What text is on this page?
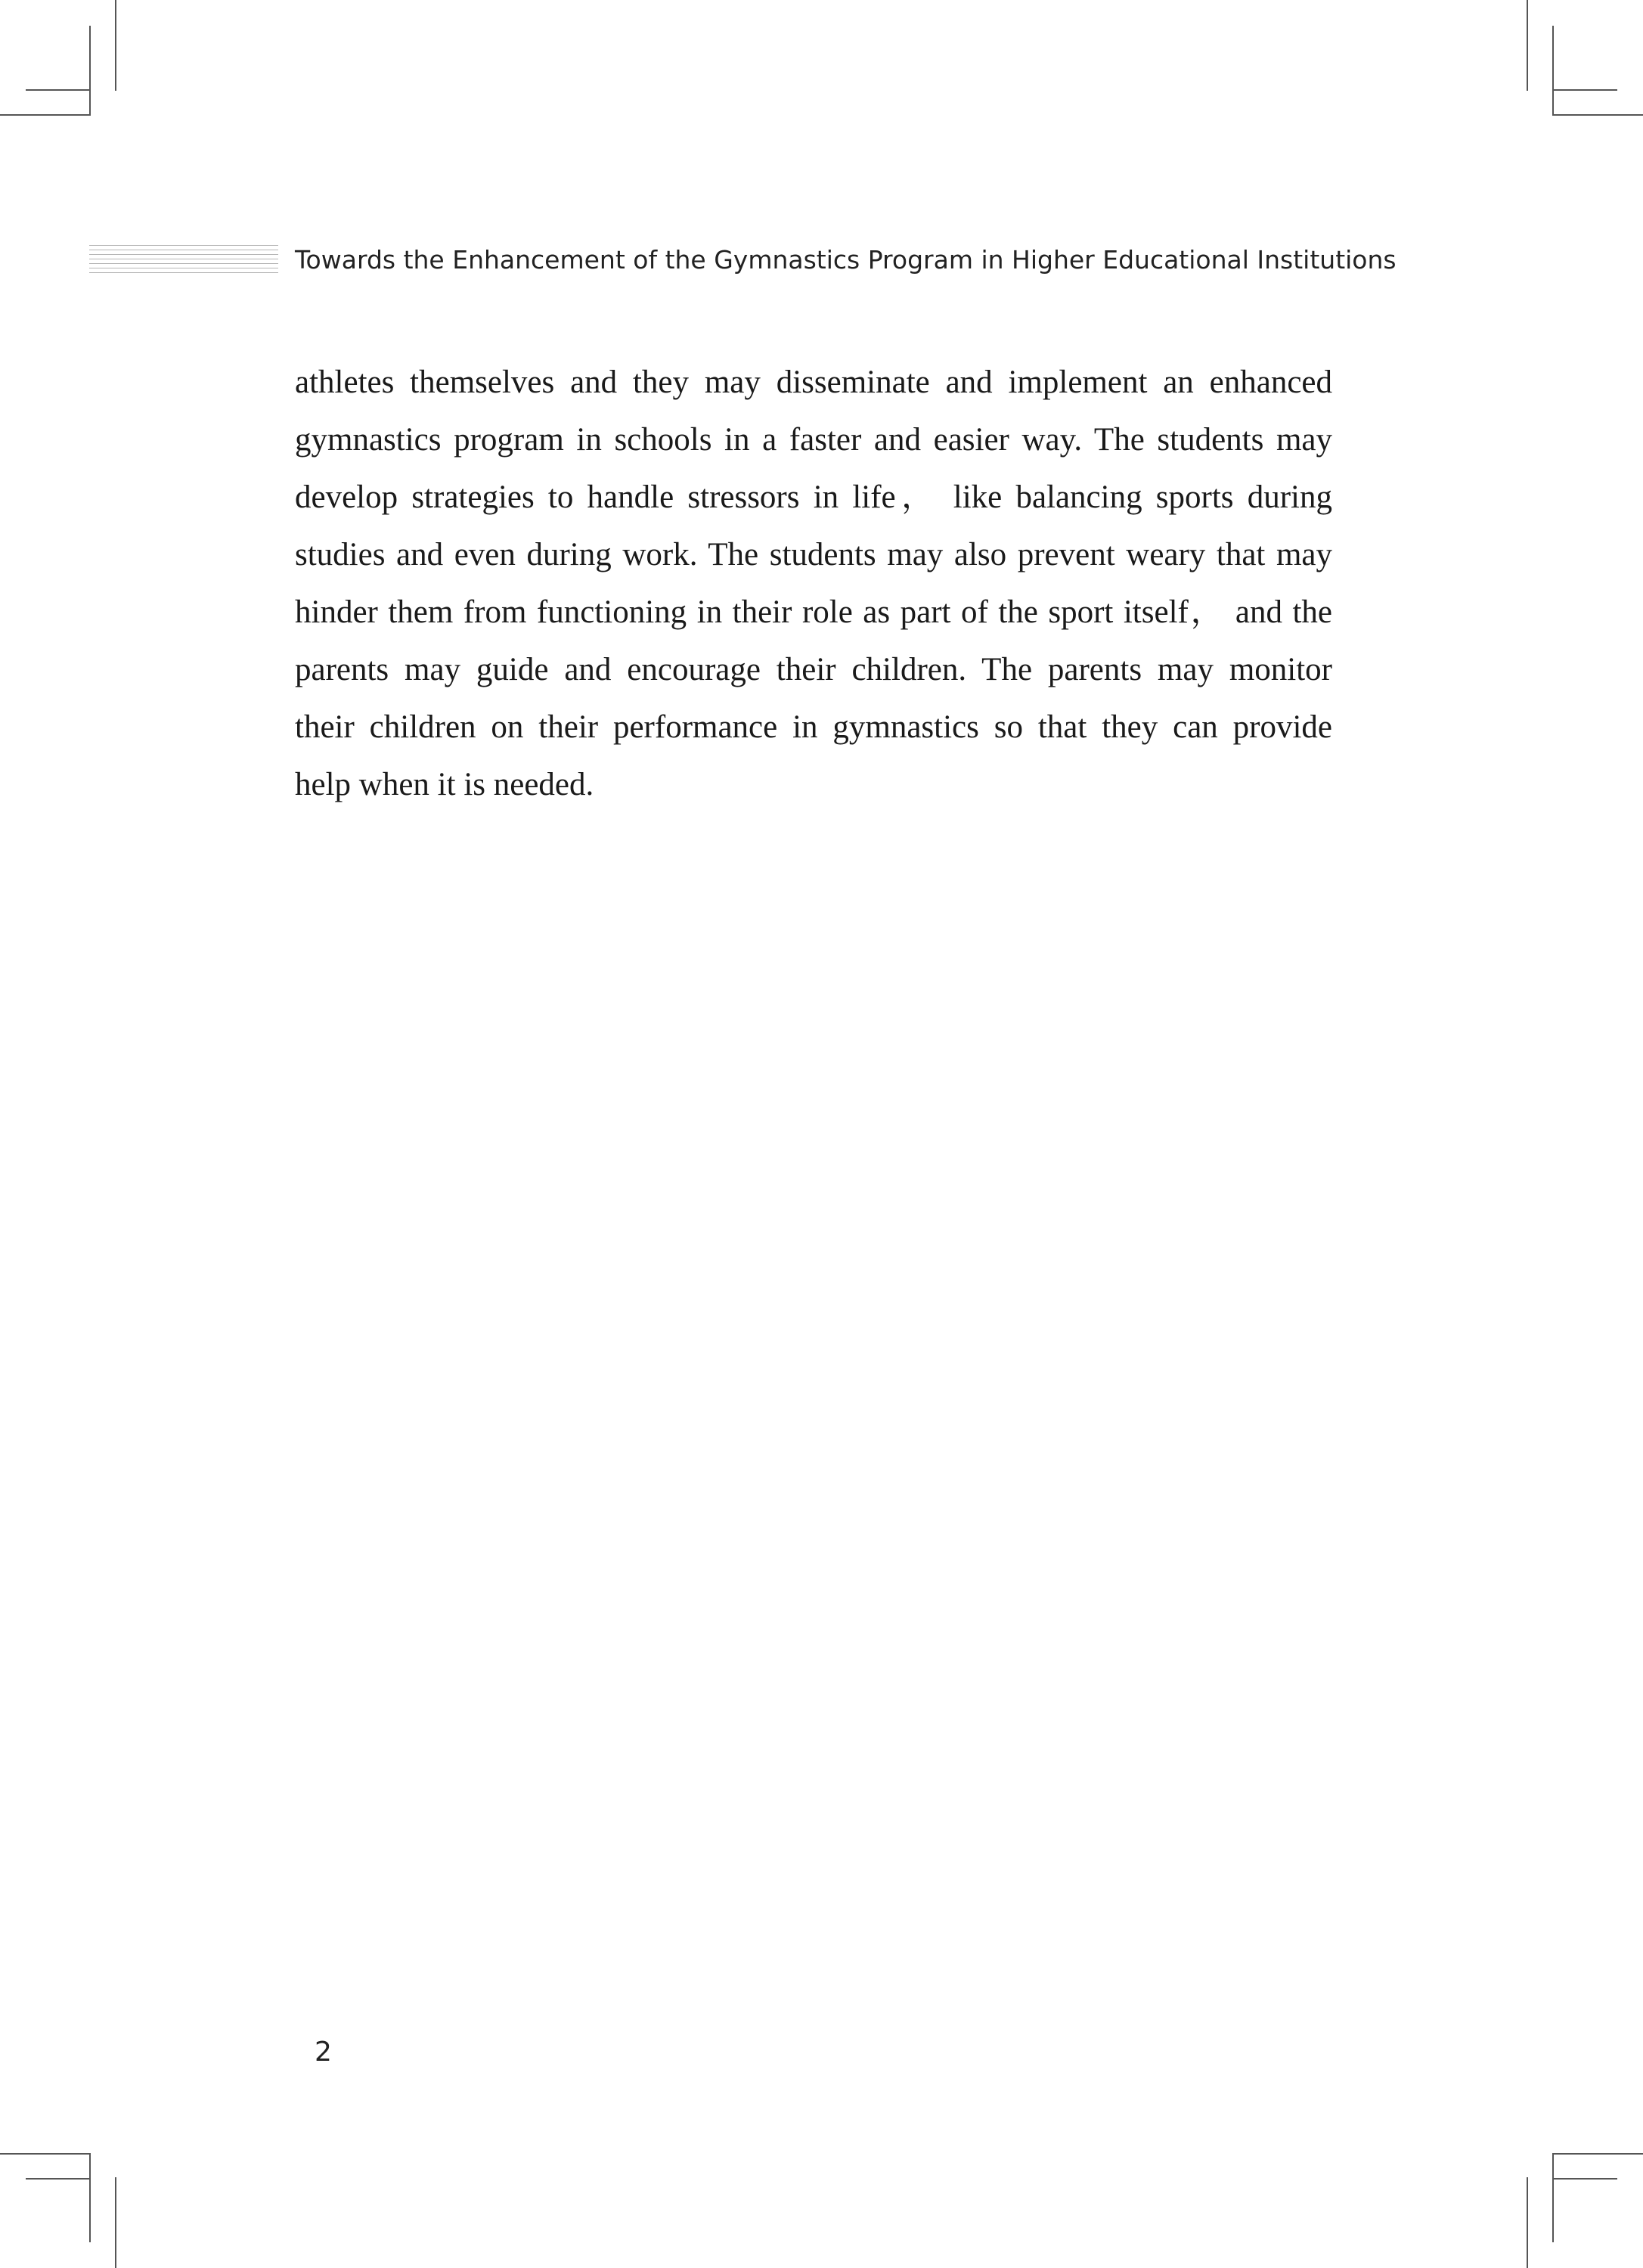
Towards the Enhancement of the Gymnastics Program in Higher Educational Institutions
athletes themselves and they may disseminate and implement an enhanced
gymnastics program in schools in a faster and easier way. The students may
develop strategies to handle stressors in life， like balancing sports during
studies and even during work. The students may also prevent weary that may
hinder them from functioning in their role as part of the sport itself， and the
parents may guide and encourage their children. The parents may monitor
their children on their performance in gymnastics so that they can provide
help when it is needed.
2
